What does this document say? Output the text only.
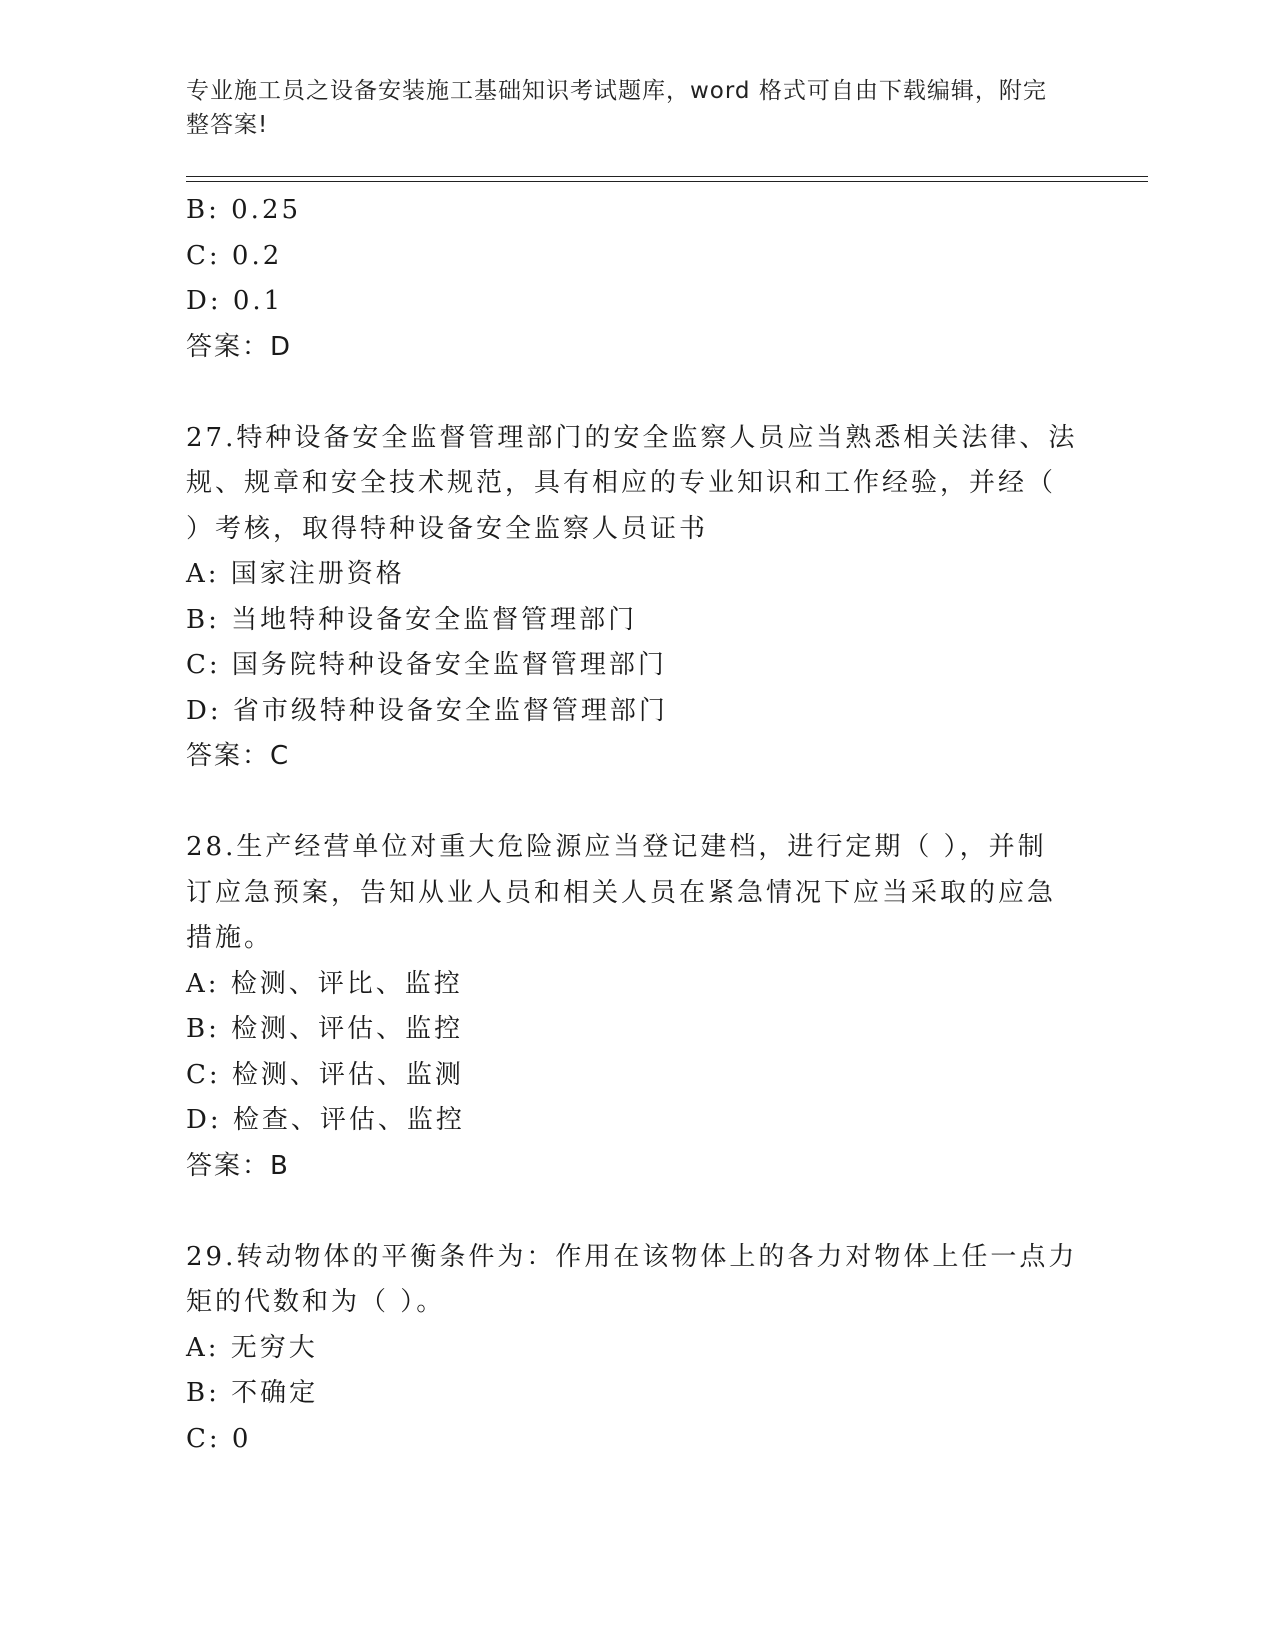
专业施工员之设备安装施工基础知识考试题库，word 格式可自由下载编辑，附完
整答案!
B: 0.25
C: 0.2
D: 0.1
答案：D
27.特种设备安全监督管理部门的安全监察人员应当熟悉相关法律、法
规、规章和安全技术规范，具有相应的专业知识和工作经验，并经（
）考核，取得特种设备安全监察人员证书
A: 国家注册资格
B: 当地特种设备安全监督管理部门
C: 国务院特种设备安全监督管理部门
D: 省市级特种设备安全监督管理部门
答案：C
28.生产经营单位对重大危险源应当登记建档，进行定期（ ），并制
订应急预案，告知从业人员和相关人员在紧急情况下应当采取的应急
措施。
A: 检测、评比、监控
B: 检测、评估、监控
C: 检测、评估、监测
D: 检查、评估、监控
答案：B
29.转动物体的平衡条件为：作用在该物体上的各力对物体上任一点力
矩的代数和为（ ）。
A: 无穷大
B: 不确定
C: 0
